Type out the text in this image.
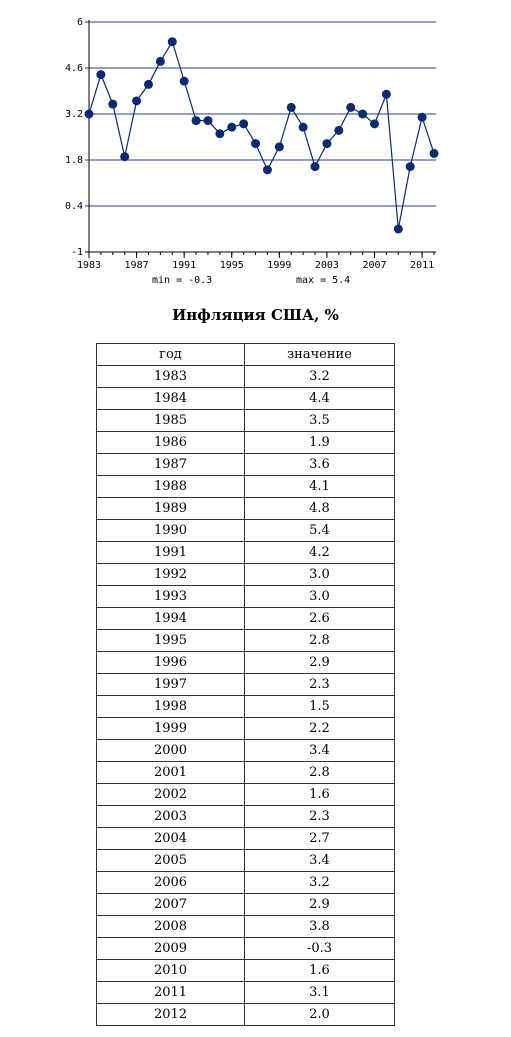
-1
0.4
1.8
3.2
4.6
6
1983 1987 1991 1995 1999 2003 2007 2011
min = -0.3	max = 5.4
Инфляция США, %
год	значение
1983	3.2
1984	4.4
1985	3.5
1986	1.9
1987	3.6
1988	4.1
1989	4.8
1990	5.4
1991	4.2
1992	3.0
1993	3.0
1994	2.6
1995	2.8
1996	2.9
1997	2.3
1998	1.5
1999	2.2
2000	3.4
2001	2.8
2002	1.6
2003	2.3
2004	2.7
2005	3.4
2006	3.2
2007	2.9
2008	3.8
2009	-0.3
2010	1.6
2011	3.1
2012	2.0
